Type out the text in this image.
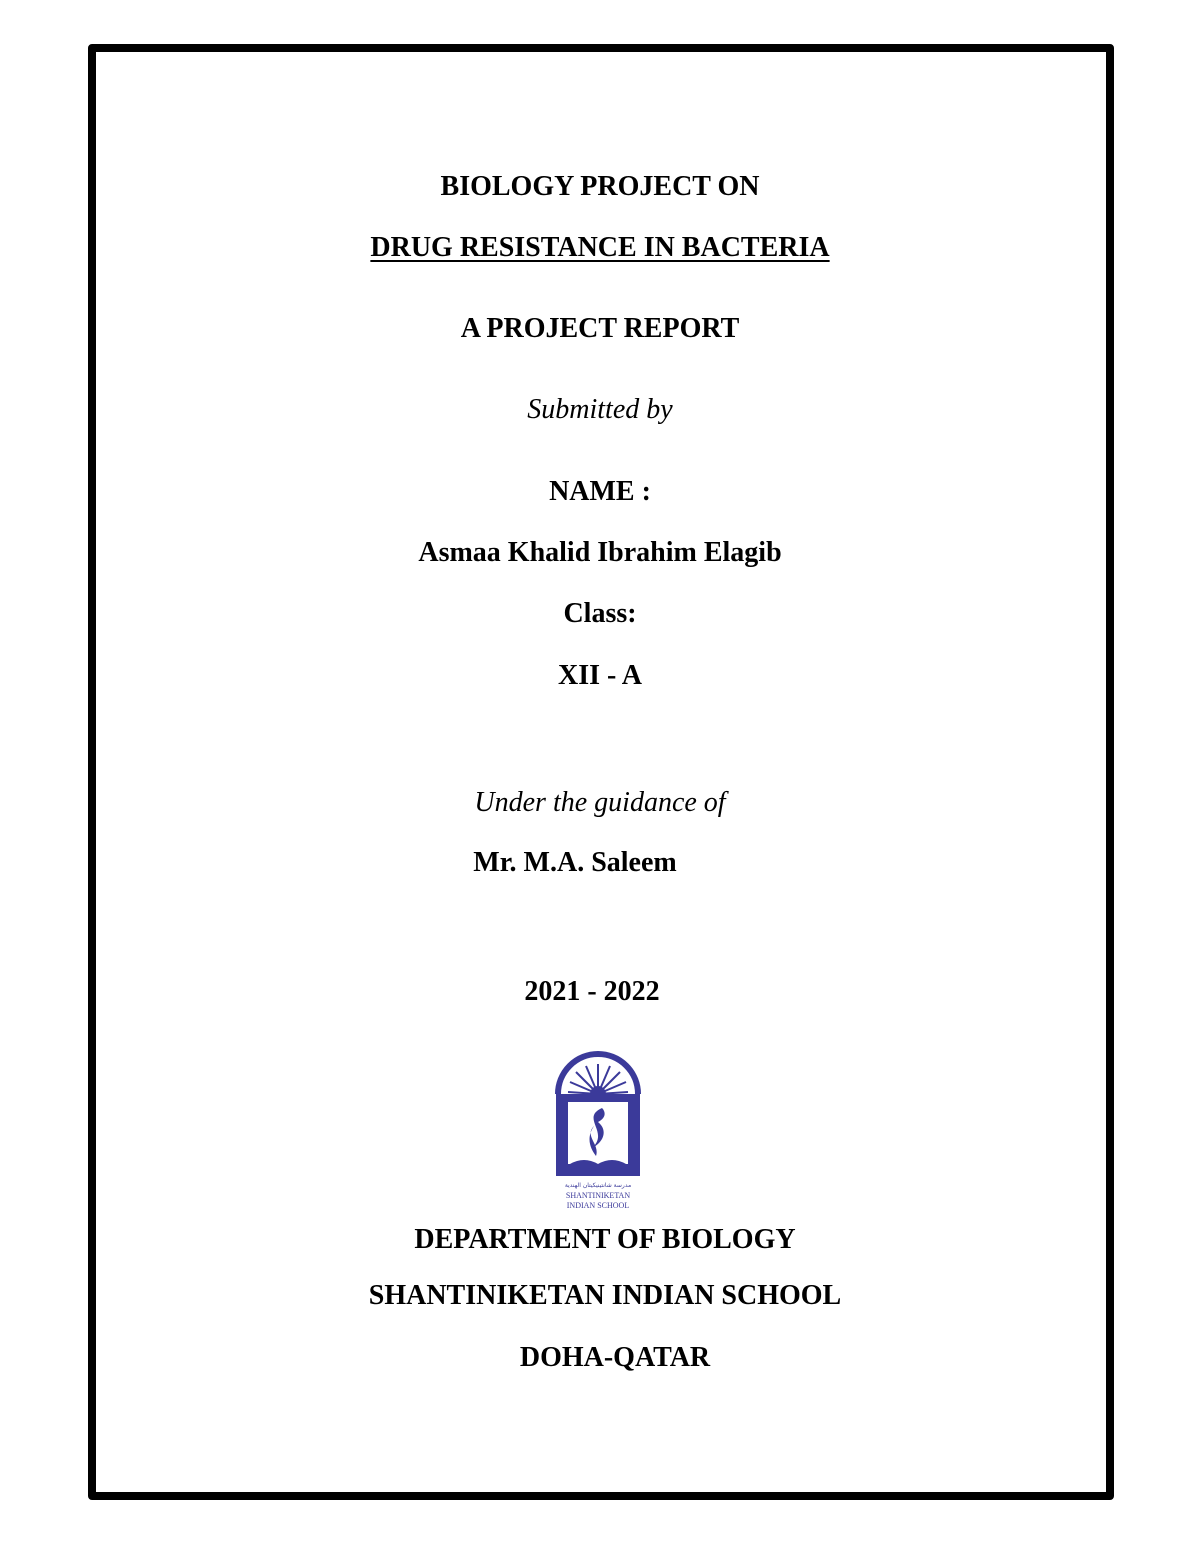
BIOLOGY PROJECT ON
DRUG RESISTANCE IN BACTERIA
A PROJECT REPORT
Submitted by
NAME :
Asmaa Khalid Ibrahim Elagib
Class:
XII - A
Under the guidance of
Mr. M.A. Saleem
2021 - 2022
مدرسة شانتينيكيتان الهندية
SHANTINIKETAN
INDIAN SCHOOL
DEPARTMENT OF BIOLOGY
SHANTINIKETAN INDIAN SCHOOL
DOHA-QATAR
